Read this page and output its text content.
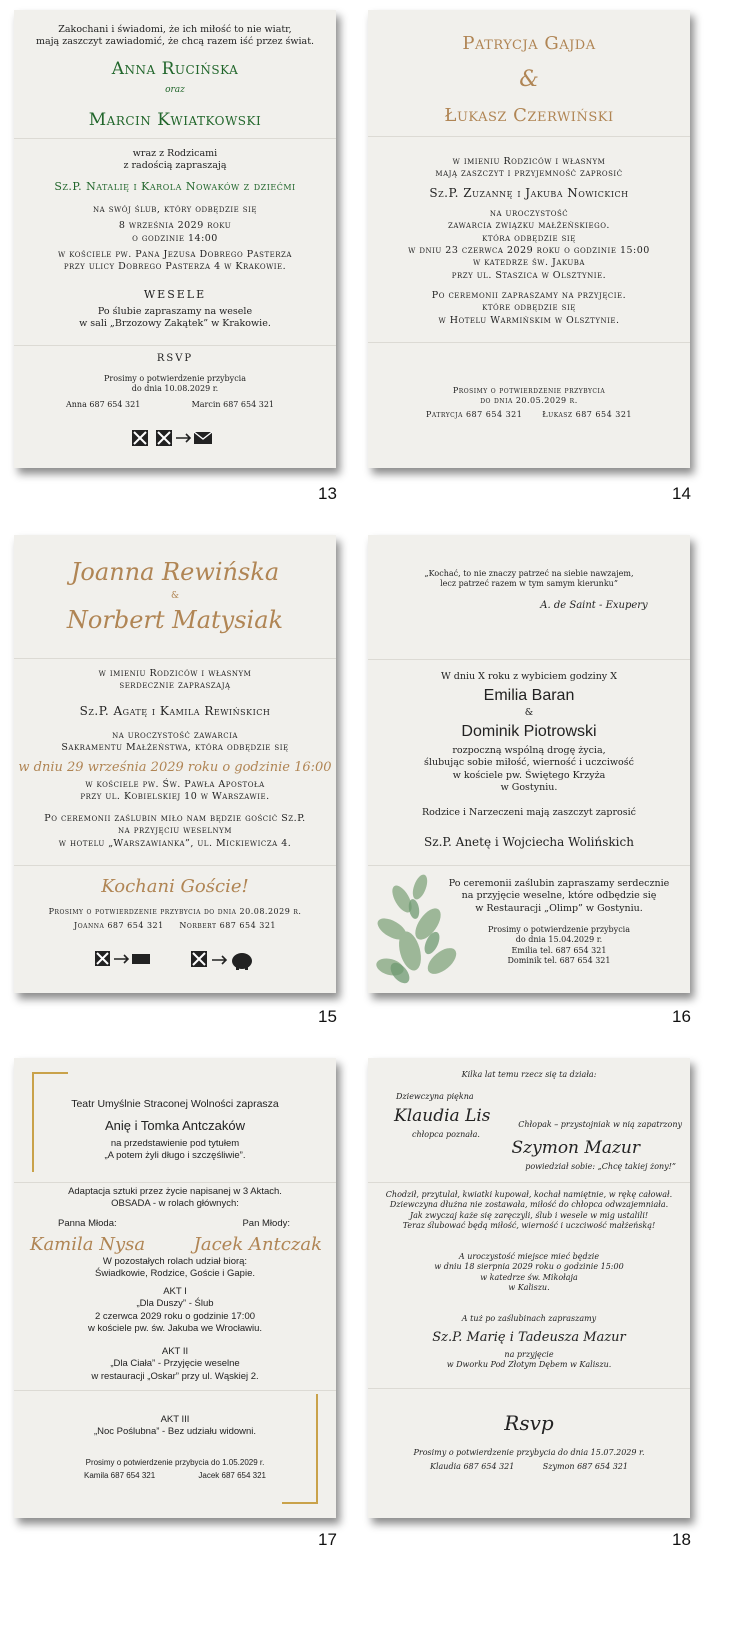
Zakochani i świadomi, że ich miłość to nie wiatr,
mają zaszczyt zawiadomić, że chcą razem iść przez świat.
Anna Rucińska
oraz
Marcin Kwiatkowski
wraz z Rodzicami
z radością zapraszają
Sz.P. Natalię i Karola Nowaków z dziećmi
na swój ślub, który odbędzie się
8 września 2029 roku
o godzinie 14:00
w kościele pw. Pana Jezusa Dobrego Pasterza
przy ulicy Dobrego Pasterza 4 w Krakowie.
WESELE
Po ślubie zapraszamy na wesele
w sali „Brzozowy Zakątek” w Krakowie.
RSVP
Prosimy o potwierdzenie przybycia
do dnia 10.08.2029 r.
Anna 687 654 321	Marcin 687 654 321
13
Patrycja Gajda
&
Łukasz Czerwiński
w imieniu Rodziców i własnym
mają zaszczyt i przyjemność zaprosić
Sz.P. Zuzannę i Jakuba Nowickich
na uroczystość
zawarcia związku małżeńskiego.
która odbędzie się
w dniu 23 czerwca 2029 roku o godzinie 15:00
w katedrze św. Jakuba
przy ul. Staszica w Olsztynie.
Po ceremonii zapraszamy na przyjęcie.
które odbędzie się
w Hotelu Warmińskim w Olsztynie.
Prosimy o potwierdzenie przybycia
do dnia 20.05.2029 r.
Patrycja 687 654 321 Łukasz 687 654 321
14
Joanna Rewińska
&
Norbert Matysiak
w imieniu Rodziców i własnym
serdecznie zapraszają
Sz.P. Agatę i Kamila Rewińskich
na uroczystość zawarcia
Sakramentu Małżeństwa, która odbędzie się
w dniu 29 września 2029 roku o godzinie 16:00
w kościele pw. Św. Pawła Apostoła
przy ul. Kobielskiej 10 w Warszawie.
Po ceremonii zaślubin miło nam będzie gościć Sz.P.
na przyjęciu weselnym
w hotelu „Warszawianka”, ul. Mickiewicza 4.
Kochani Goście!
Prosimy o potwierdzenie przybycia do dnia 20.08.2029 r.
Joanna 687 654 321 Norbert 687 654 321
15
„Kochać, to nie znaczy patrzeć na siebie nawzajem,
lecz patrzeć razem w tym samym kierunku”
A. de Saint - Exupery
W dniu X roku z wybiciem godziny X
Emilia Baran
&
Dominik Piotrowski
rozpoczną wspólną drogę życia,
ślubując sobie miłość, wierność i uczciwość
w kościele pw. Świętego Krzyża
w Gostyniu.
Rodzice i Narzeczeni mają zaszczyt zaprosić
Sz.P. Anetę i Wojciecha Wolińskich
Po ceremonii zaślubin zapraszamy serdecznie
na przyjęcie weselne, które odbędzie się
w Restauracji „Olimp” w Gostyniu.
Prosimy o potwierdzenie przybycia
do dnia 15.04.2029 r.
Emilia tel. 687 654 321
Dominik tel. 687 654 321
16
Teatr Umyślnie Straconej Wolności zaprasza
Anię i Tomka Antczaków
na przedstawienie pod tytułem
„A potem żyli długo i szczęśliwie”.
Adaptacja sztuki przez życie napisanej w 3 Aktach.
OBSADA - w rolach głównych:
Panna Młoda:	Pan Młody:
Kamila Nysa	Jacek Antczak
W pozostałych rolach udział biorą:
Świadkowie, Rodzice, Goście i Gapie.
AKT I
„Dla Duszy” - Ślub
2 czerwca 2029 roku o godzinie 17:00
w kościele pw. św. Jakuba we Wrocławiu.
AKT II
„Dla Ciała” - Przyjęcie weselne
w restauracji „Oskar” przy ul. Wąskiej 2.
AKT III
„Noc Poślubna” - Bez udziału widowni.
Prosimy o potwierdzenie przybycia do 1.05.2029 r.
Kamila 687 654 321	Jacek 687 654 321
17
Kilka lat temu rzecz się ta działa:
Dziewczyna piękna
Klaudia Lis
chłopca poznała.
Chłopak – przystojniak w nią zapatrzony
Szymon Mazur
powiedział sobie: „Chcę takiej żony!”
Chodził, przytulał, kwiatki kupował, kochał namiętnie, w rękę całował.
Dziewczyna dłużna nie zostawała, miłość do chłopca odwzajemniała.
Jak zwyczaj każe się zaręczyli, ślub i wesele w mig ustalili!
Teraz ślubować będą miłość, wierność i uczciwość małżeńską!
A uroczystość miejsce mieć będzie
w dniu 18 sierpnia 2029 roku o godzinie 15:00
w katedrze św. Mikołaja
w Kaliszu.
A tuż po zaślubinach zapraszamy
Sz.P. Marię i Tadeusza Mazur
na przyjęcie
w Dworku Pod Złotym Dębem w Kaliszu.
Rsvp
Prosimy o potwierdzenie przybycia do dnia 15.07.2029 r.
Klaudia 687 654 321	Szymon 687 654 321
18
